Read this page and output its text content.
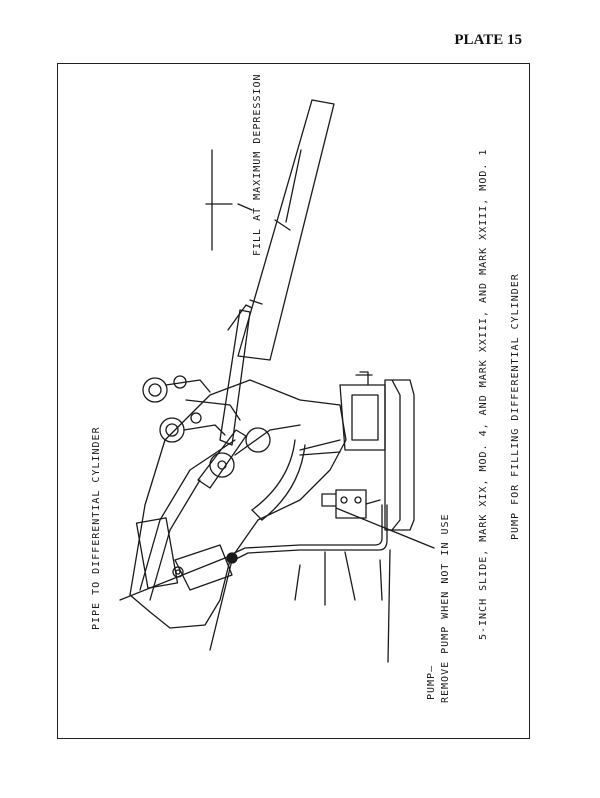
PLATE 15
FILL AT MAXIMUM DEPRESSION
PIPE TO DIFFERENTIAL CYLINDER
PUMP— REMOVE PUMP WHEN NOT IN USE	5-INCH SLIDE, MARK XIX, MOD. 4, AND MARK XXIII, AND MARK XXIII, MOD. 1 PUMP FOR FILLING DIFFERENTIAL CYLINDER
